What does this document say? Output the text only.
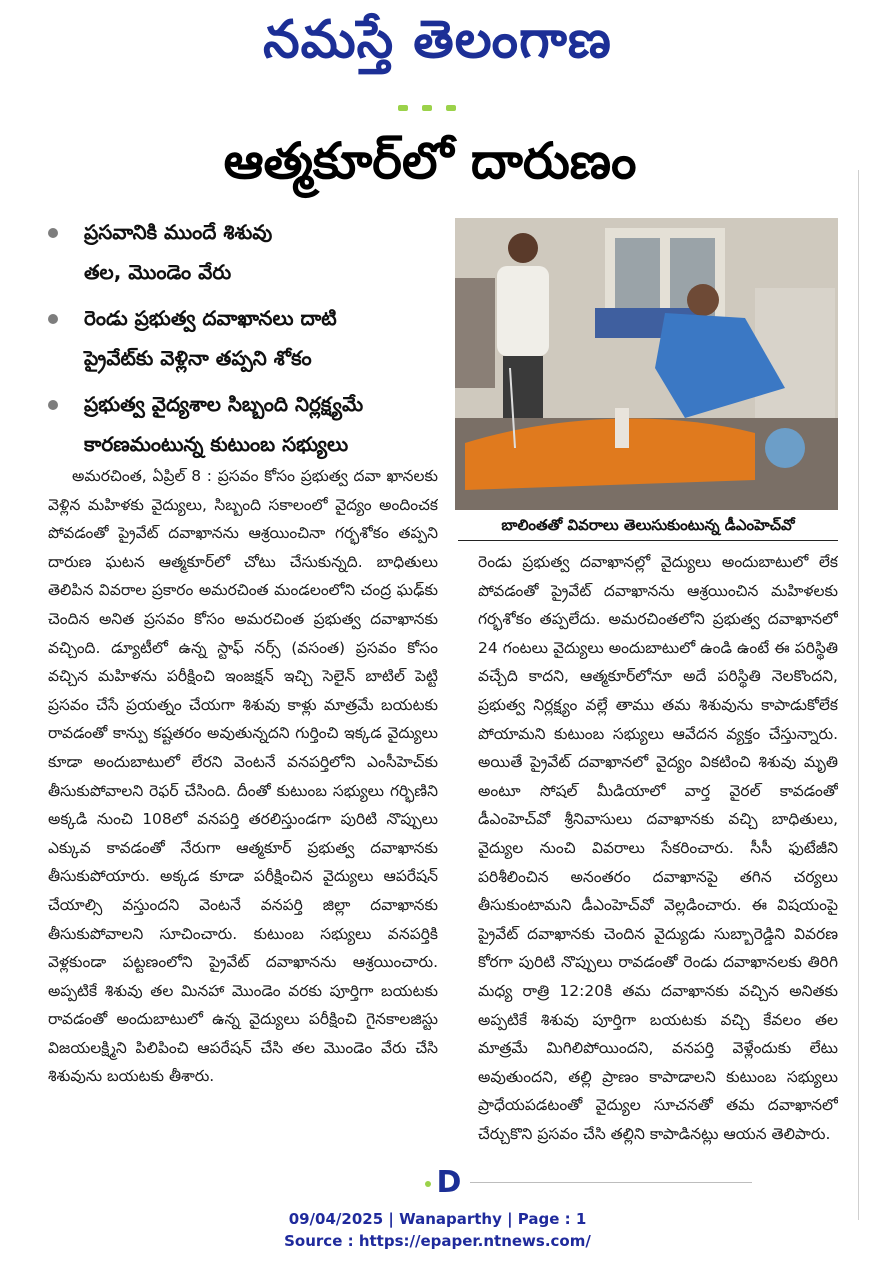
నమస్తే తెలంగాణ
ఆత్మకూర్‌లో దారుణం
ప్రసవానికి ముందే శిశువు
తల, మొండెం వేరు
రెండు ప్రభుత్వ దవాఖానలు దాటి
ప్రైవేట్‌కు వెళ్లినా తప్పని శోకం
ప్రభుత్వ వైద్యశాల సిబ్బంది నిర్లక్ష్యమే
కారణమంటున్న కుటుంబ సభ్యులు
బాలింతతో వివరాలు తెలుసుకుంటున్న డీఎంహెచ్‌వో
అమరచింత, ఏప్రిల్ 8 : ప్రసవం కోసం ప్రభుత్వ దవా ఖానలకు వెళ్లిన మహిళకు వైద్యులు, సిబ్బంది సకాలంలో వైద్యం అందించక పోవడంతో ప్రైవేట్ దవాఖానను ఆశ్రయించినా గర్భశోకం తప్పని దారుణ ఘటన ఆత్మకూర్‌లో చోటు చేసుకున్నది. బాధితులు తెలిపిన వివరాల ప్రకారం అమరచింత మండలంలోని చంద్ర ఘఢ్‌కు చెందిన అనిత ప్రసవం కోసం అమరచింత ప్రభుత్వ దవాఖానకు వచ్చింది. డ్యూటీలో ఉన్న స్టాఫ్ నర్స్ (వసంత) ప్రసవం కోసం వచ్చిన మహిళను పరీక్షించి ఇంజక్షన్ ఇచ్చి సెలైన్ బాటిల్ పెట్టి ప్రసవం చేసే ప్రయత్నం చేయగా శిశువు కాళ్లు మాత్రమే బయటకు రావడంతో కాన్పు కష్టతరం అవుతున్నదని గుర్తించి ఇక్కడ వైద్యులు కూడా అందుబాటులో లేరని వెంటనే వనపర్తిలోని ఎంసీహెచ్‌కు తీసుకుపోవాలని రెఫర్ చేసింది. దీంతో కుటుంబ సభ్యులు గర్భిణిని అక్కడి నుంచి 108లో వనపర్తి తరలిస్తుండగా పురిటి నొప్పులు ఎక్కువ కావడంతో నేరుగా ఆత్మకూర్ ప్రభుత్వ దవాఖానకు తీసుకుపోయారు. అక్కడ కూడా పరీక్షించిన వైద్యులు ఆపరేషన్ చేయాల్సి వస్తుందని వెంటనే వనపర్తి జిల్లా దవాఖానకు తీసుకుపోవాలని సూచించారు. కుటుంబ సభ్యులు వనపర్తికి వెళ్లకుండా పట్టణంలోని ప్రైవేట్ దవాఖానను ఆశ్రయించారు. అప్పటికే శిశువు తల మినహా మొండెం వరకు పూర్తిగా బయటకు రావడంతో అందుబాటులో ఉన్న వైద్యులు పరీక్షించి గైనకాలజిస్టు విజయలక్ష్మిని పిలిపించి ఆపరేషన్ చేసి తల మొండెం వేరు చేసి శిశువును బయటకు తీశారు.
రెండు ప్రభుత్వ దవాఖానల్లో వైద్యులు అందుబాటులో లేక పోవడంతో ప్రైవేట్ దవాఖానను ఆశ్రయించిన మహిళలకు గర్భశోకం తప్పలేదు. అమరచింతలోని ప్రభుత్వ దవాఖానలో 24 గంటలు వైద్యులు అందుబాటులో ఉండి ఉంటే ఈ పరిస్థితి వచ్చేది కాదని, ఆత్మకూర్‌లోనూ అదే పరిస్థితి నెలకొందని, ప్రభుత్వ నిర్లక్ష్యం వల్లే తాము తమ శిశువును కాపాడుకోలేక పోయామని కుటుంబ సభ్యులు ఆవేదన వ్యక్తం చేస్తున్నారు. అయితే ప్రైవేట్ దవాఖానలో వైద్యం వికటించి శిశువు మృతి అంటూ సోషల్ మీడియాలో వార్త వైరల్ కావడంతో డీఎంహెచ్‌వో శ్రీనివాసులు దవాఖానకు వచ్చి బాధితులు, వైద్యుల నుంచి వివరాలు సేకరించారు. సీసీ ఫుటేజీని పరిశీలించిన అనంతరం దవాఖానపై తగిన చర్యలు తీసుకుంటామని డీఎంహెచ్‌వో వెల్లడించారు. ఈ విషయంపై ప్రైవేట్ దవాఖానకు చెందిన వైద్యుడు సుబ్బారెడ్డిని వివరణ కోరగా పురిటి నొప్పులు రావడంతో రెండు దవాఖానలకు తిరిగి మధ్య రాత్రి 12:20కి తమ దవాఖానకు వచ్చిన అనితకు అప్పటికే శిశువు పూర్తిగా బయటకు వచ్చి కేవలం తల మాత్రమే మిగిలిపోయిందని, వనపర్తి వెళ్లేందుకు లేటు అవుతుందని, తల్లి ప్రాణం కాపాడాలని కుటుంబ సభ్యులు ప్రాధేయపడటంతో వైద్యుల సూచనతో తమ దవాఖానలో చేర్చుకొని ప్రసవం చేసి తల్లిని కాపాడినట్లు ఆయన తెలిపారు.
D
09/04/2025 | Wanaparthy | Page : 1
Source : https://epaper.ntnews.com/
